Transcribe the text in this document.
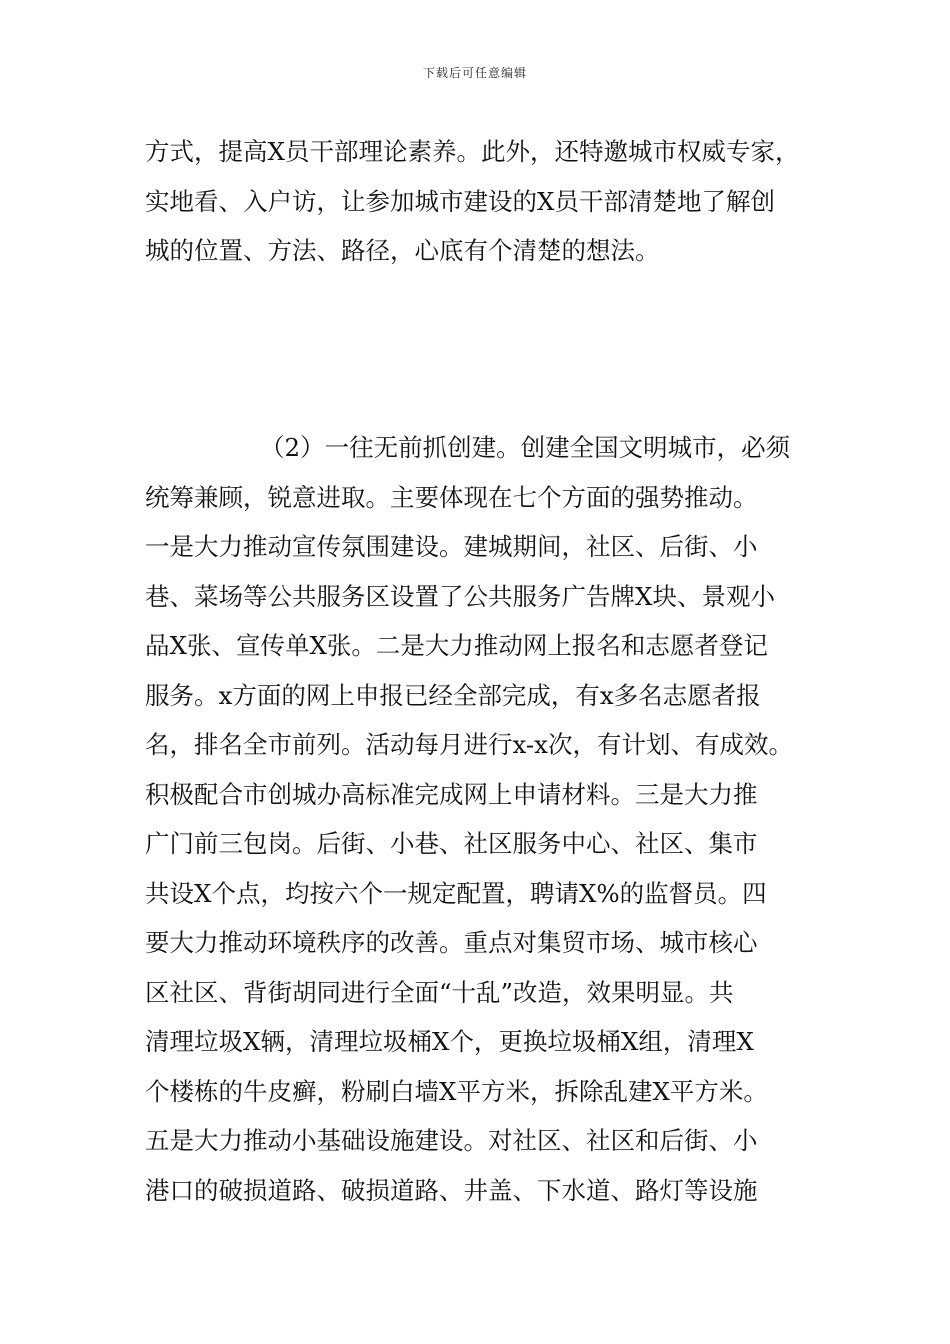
下载后可任意编辑
方式，提高X员干部理论素养。此外，还特邀城市权威专家，
实地看、入户访，让参加城市建设的X员干部清楚地了解创
城的位置、方法、路径，心底有个清楚的想法。
（2）一往无前抓创建。创建全国文明城市，必须
统筹兼顾，锐意进取。主要体现在七个方面的强势推动。
一是大力推动宣传氛围建设。建城期间，社区、后街、小
巷、菜场等公共服务区设置了公共服务广告牌X块、景观小
品X张、宣传单X张。二是大力推动网上报名和志愿者登记
服务。x方面的网上申报已经全部完成，有x多名志愿者报
名，排名全市前列。活动每月进行x-x次，有计划、有成效。
积极配合市创城办高标准完成网上申请材料。三是大力推
广门前三包岗。后街、小巷、社区服务中心、社区、集市
共设X个点，均按六个一规定配置，聘请X%的监督员。四
要大力推动环境秩序的改善。重点对集贸市场、城市核心
区社区、背街胡同进行全面“十乱”改造，效果明显。共
清理垃圾X辆，清理垃圾桶X个，更换垃圾桶X组，清理X
个楼栋的牛皮癣，粉刷白墙X平方米，拆除乱建X平方米。
五是大力推动小基础设施建设。对社区、社区和后街、小
港口的破损道路、破损道路、井盖、下水道、路灯等设施
